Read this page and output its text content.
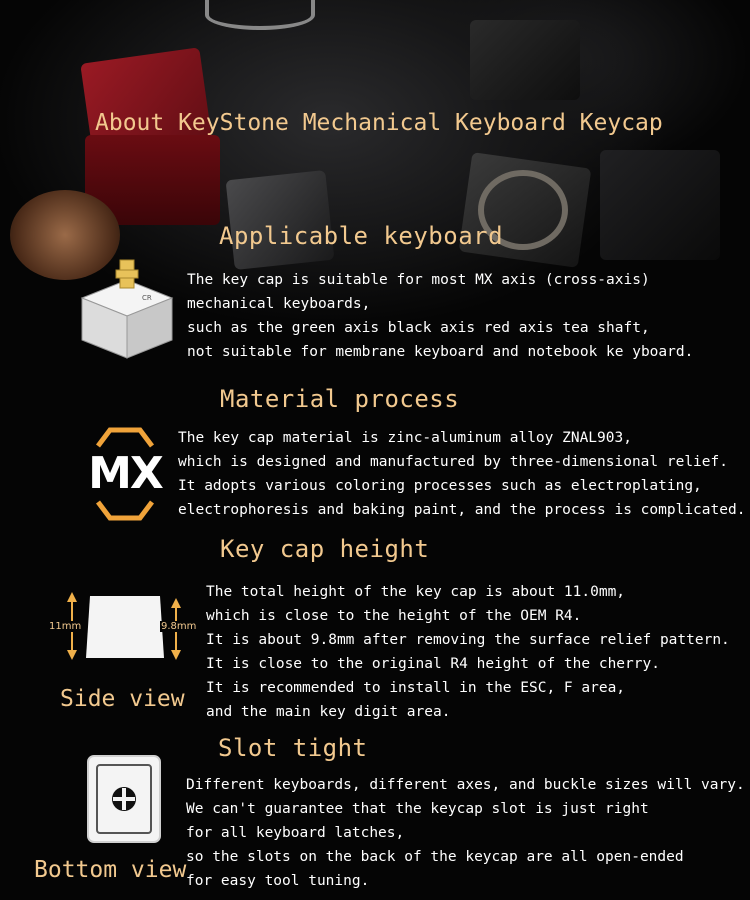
About KeyStone Mechanical Keyboard Keycap
Applicable keyboard
CR
The key cap is suitable for most MX axis (cross-axis)
mechanical keyboards,
such as the green axis black axis red axis tea shaft,
not suitable for membrane keyboard and notebook ke yboard.
Material process
MX
The key cap material is zinc-aluminum alloy ZNAL903,
which is designed and manufactured by three-dimensional relief.
It adopts various coloring processes such as electroplating,
electrophoresis and baking paint, and the process is complicated.
Key cap height
11mm	9.8mm
Side view
The total height of the key cap is about 11.0mm,
which is close to the height of the OEM R4.
It is about 9.8mm after removing the surface relief pattern.
It is close to the original R4 height of the cherry.
It is recommended to install in the ESC, F area,
and the main key digit area.
Slot tight
Bottom view
Different keyboards, different axes, and buckle sizes will vary.
We can't guarantee that the keycap slot is just right
for all keyboard latches,
so the slots on the back of the keycap are all open-ended
for easy tool tuning.
